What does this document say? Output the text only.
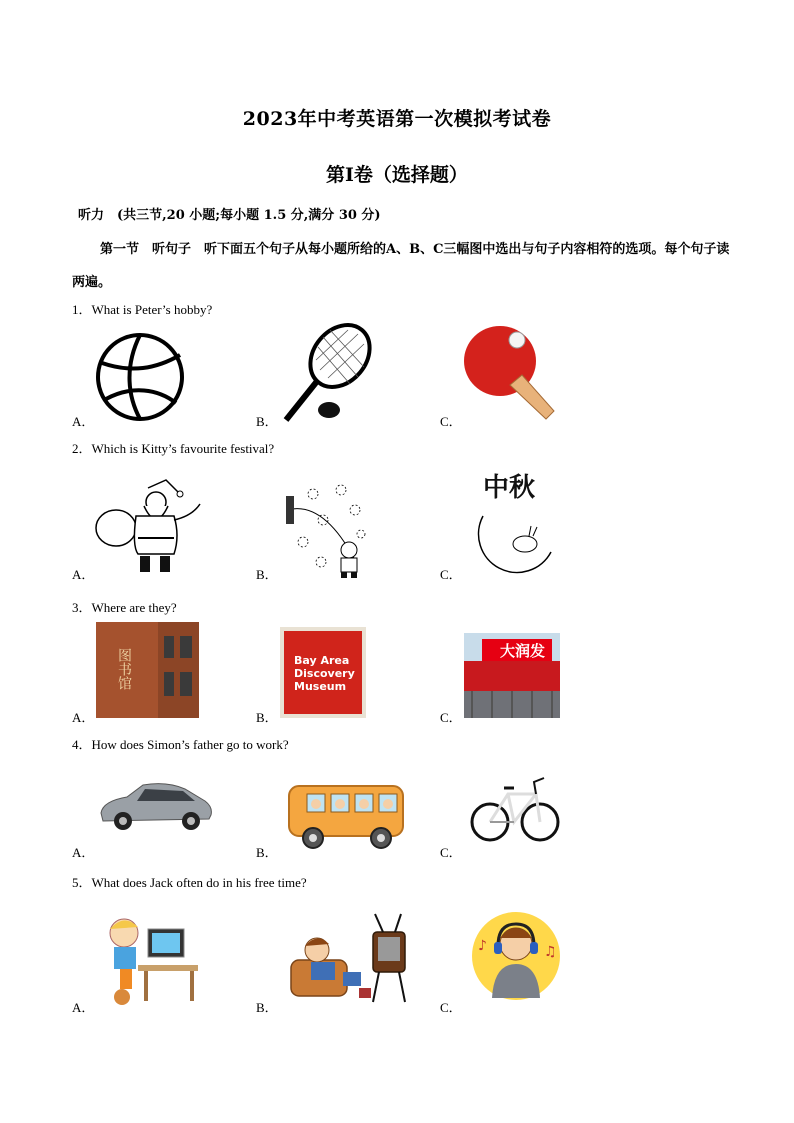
2023年中考英语第一次模拟考试卷
第Ⅰ卷（选择题）
听力　(共三节,20 小题;每小题 1.5 分,满分 30 分)
第一节　听句子　听下面五个句子从每小题所给的A、B、C三幅图中选出与句子内容相符的选项。每个句子读两遍。
1．What is Peter’s hobby?
A．	B．	C．
2．Which is Kitty’s favourite festival?
A．	B．	C．
中秋
3．Where are they?
A．	B．	C．
图书馆	Bay Area Discovery Museum
大润发
4．How does Simon’s father go to work?
A．	B．	C．
5．What does Jack often do in his free time?
A．	B．	C．
♪	♫
